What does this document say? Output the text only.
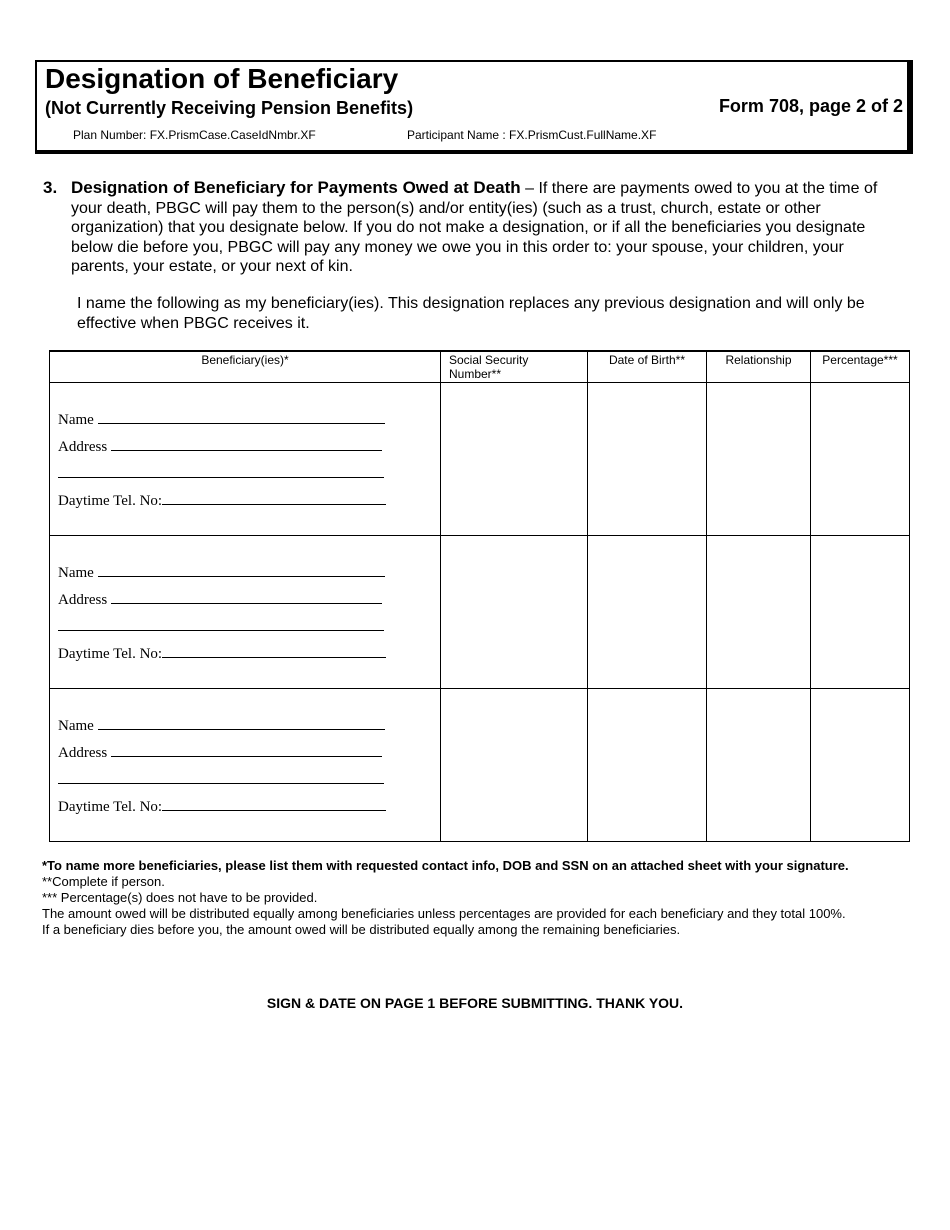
Designation of Beneficiary
(Not Currently Receiving Pension Benefits)	Form 708, page 2 of 2
Plan Number: FX.PrismCase.CaseIdNmbr.XF	Participant Name : FX.PrismCust.FullName.XF
3. Designation of Beneficiary for Payments Owed at Death – If there are payments owed to you at the time of your death, PBGC will pay them to the person(s) and/or entity(ies) (such as a trust, church, estate or other organization) that you designate below. If you do not make a designation, or if all the beneficiaries you designate below die before you, PBGC will pay any money we owe you in this order to: your spouse, your children, your parents, your estate, or your next of kin.
I name the following as my beneficiary(ies). This designation replaces any previous designation and will only be effective when PBGC receives it.
Beneficiary(ies)*	Social Security Number**	Date of Birth**	Relationship	Percentage***

Name
Address
Daytime Tel. No:				

Name
Address
Daytime Tel. No:				

Name
Address
Daytime Tel. No:				

*To name more beneficiaries, please list them with requested contact info, DOB and SSN on an attached sheet with your signature.
**Complete if person.
*** Percentage(s) does not have to be provided.
The amount owed will be distributed equally among beneficiaries unless percentages are provided for each beneficiary and they total 100%.
If a beneficiary dies before you, the amount owed will be distributed equally among the remaining beneficiaries.
SIGN & DATE ON PAGE 1 BEFORE SUBMITTING. THANK YOU.
